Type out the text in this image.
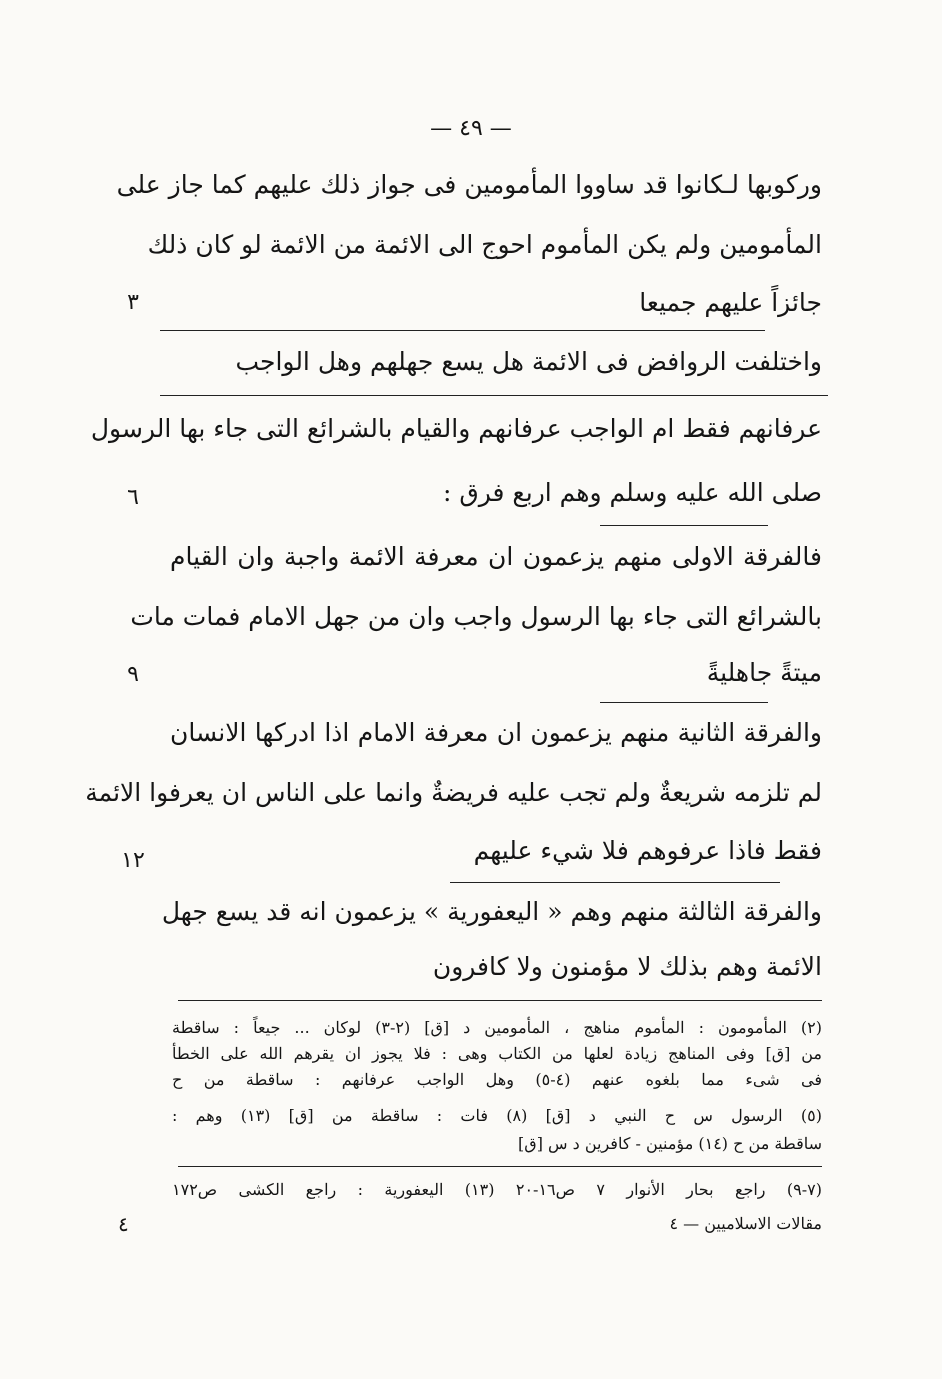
— ٤٩ —
وركوبها لـكانوا قد ساووا المأمومين فى جواز ذلك عليهم كما جاز على
المأمومين ولم يكن المأموم احوج الى الائمة من الائمة لو كان ذلك
جائزاً عليهم جميعا
واختلفت الروافض فى الائمة هل يسع جهلهم وهل الواجب
عرفانهم فقط ام الواجب عرفانهم والقيام بالشرائع التى جاء بها الرسول
صلى الله عليه وسلم وهم اربع فرق :
فالفرقة الاولى منهم يزعمون ان معرفة الائمة واجبة وان القيام
بالشرائع التى جاء بها الرسول واجب وان من جهل الامام فمات مات
ميتةً جاهليةً
والفرقة الثانية منهم يزعمون ان معرفة الامام اذا ادركها الانسان
لم تلزمه شريعةٌ ولم تجب عليه فريضةٌ وانما على الناس ان يعرفوا الائمة
فقط فاذا عرفوهم فلا شيء عليهم
والفرقة الثالثة منهم وهم « اليعفورية » يزعمون انه قد يسع جهل
الائمة وهم بذلك لا مؤمنون ولا كافرون
٣
٦
٩
١٢
(٢) المأمومون : المأموم مناهج ، المأمومين د [ق] (٢-٣) لوكان ... جيعاً : ساقطة
من [ق] وفى المناهج زيادة لعلها من الكتاب وهى : فلا يجوز ان يقرهم الله على الخطأ
فى شىء مما بلغوه عنهم (٤-٥) وهل الواجب عرفانهم : ساقطة من ح
(٥) الرسول س ح النبي د [ق] (٨) فات : ساقطة من [ق] (١٣) وهم :
ساقطة من ح (١٤) مؤمنين - كافرين د س [ق]
(٧-٩) راجع بحار الأنوار ٧ ص١٦-٢٠ (١٣) اليعفورية : راجع الكشى ص١٧٢
٤	مقالات الاسلاميين — ٤
